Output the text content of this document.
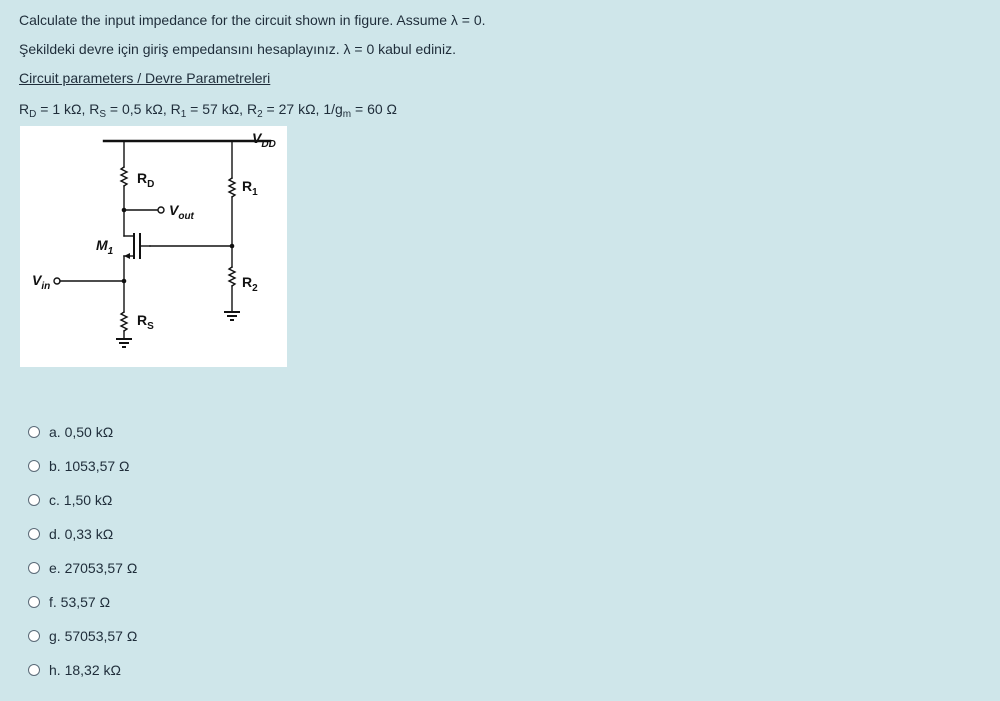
Calculate the input impedance for the circuit shown in figure. Assume λ = 0.
Şekildeki devre için giriş empedansını hesaplayınız. λ = 0 kabul ediniz.
Circuit parameters / Devre Parametreleri
$R_D = 1$ kΩ, $R_S = 0,5$ kΩ, $R_1 = 57$ kΩ, $R_2 = 27$ kΩ, $1/g_m = 60$ Ω
$V_{DD}$
$R_D$	$R_1$
$V_{out}$
$M_1$
$V_{in}$	$R_2$
$R_S$
a. 0,50 kΩ
b. 1053,57 Ω
c. 1,50 kΩ
d. 0,33 kΩ
e. 27053,57 Ω
f. 53,57 Ω
g. 57053,57 Ω
h. 18,32 kΩ
